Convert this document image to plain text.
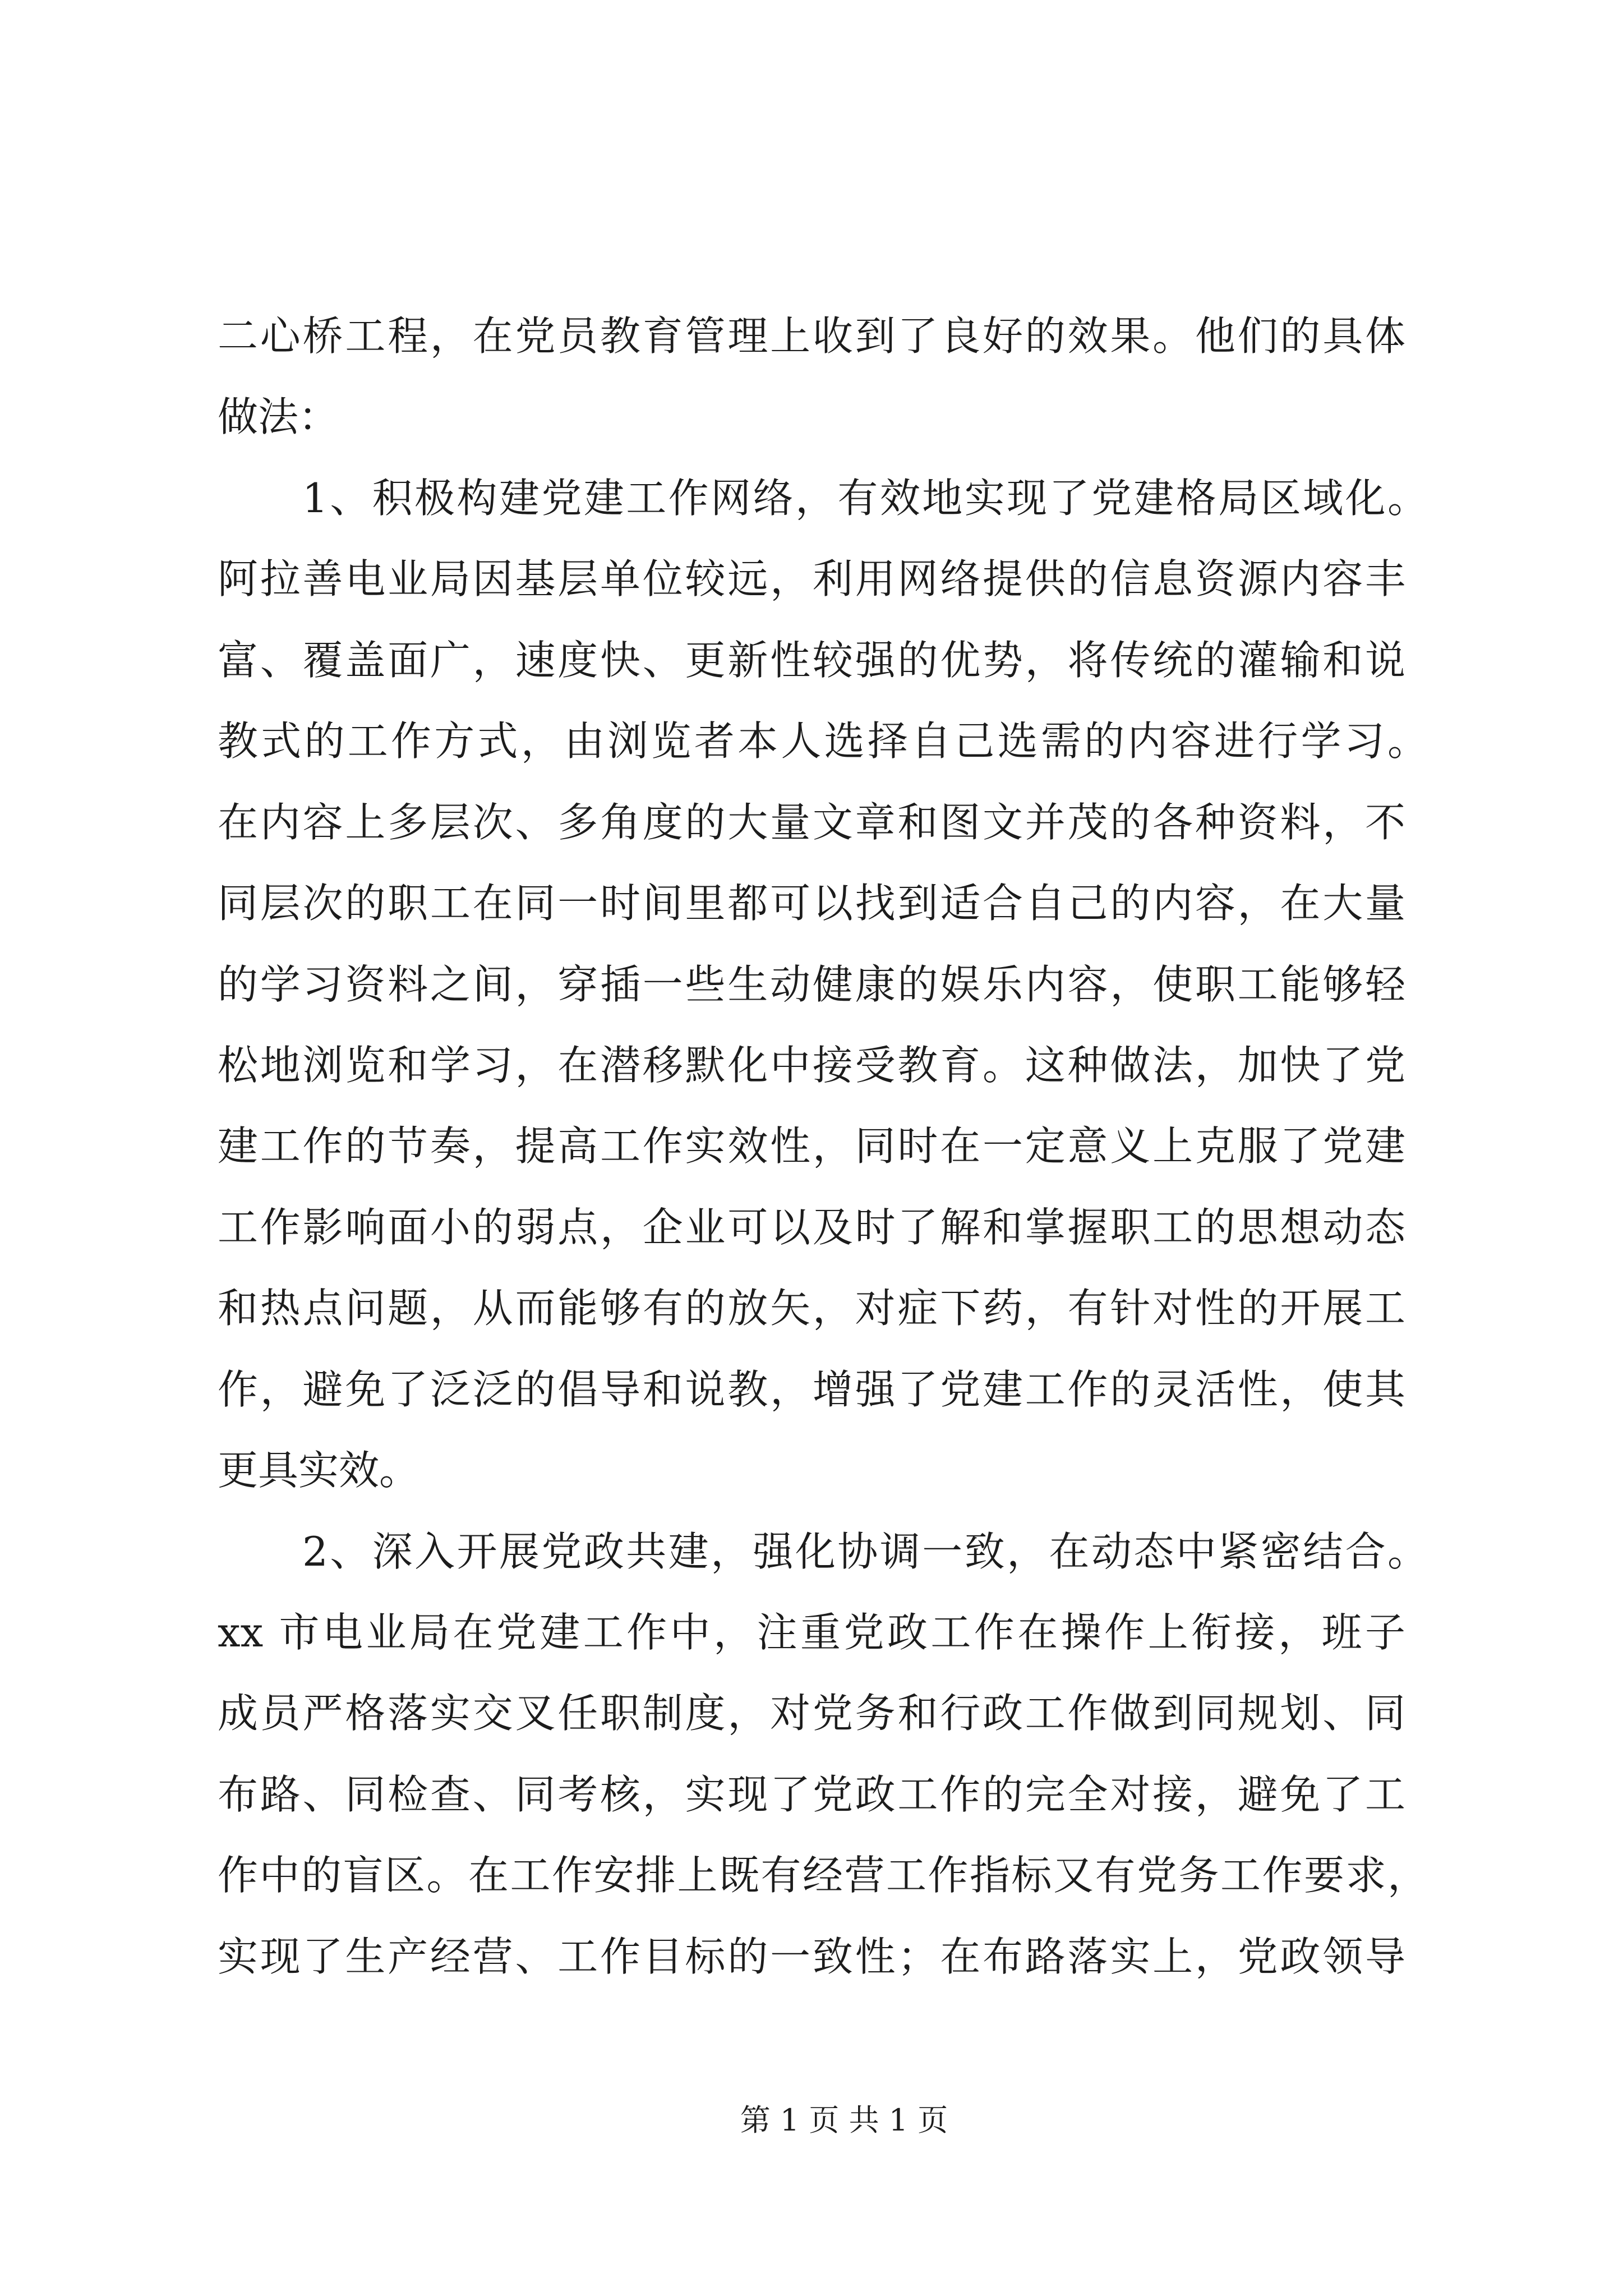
二心桥工程，在党员教育管理上收到了良好的效果。他们的具体
做法：
1、积极构建党建工作网络，有效地实现了党建格局区域化。
阿拉善电业局因基层单位较远，利用网络提供的信息资源内容丰
富、覆盖面广，速度快、更新性较强的优势，将传统的灌输和说
教式的工作方式，由浏览者本人选择自己选需的内容进行学习。
在内容上多层次、多角度的大量文章和图文并茂的各种资料，不
同层次的职工在同一时间里都可以找到适合自己的内容，在大量
的学习资料之间，穿插一些生动健康的娱乐内容，使职工能够轻
松地浏览和学习，在潜移默化中接受教育。这种做法，加快了党
建工作的节奏，提高工作实效性，同时在一定意义上克服了党建
工作影响面小的弱点，企业可以及时了解和掌握职工的思想动态
和热点问题，从而能够有的放矢，对症下药，有针对性的开展工
作，避免了泛泛的倡导和说教，增强了党建工作的灵活性，使其
更具实效。
2、深入开展党政共建，强化协调一致，在动态中紧密结合。
xx 市电业局在党建工作中，注重党政工作在操作上衔接，班子
成员严格落实交叉任职制度，对党务和行政工作做到同规划、同
布路、同检查、同考核，实现了党政工作的完全对接，避免了工
作中的盲区。在工作安排上既有经营工作指标又有党务工作要求，
实现了生产经营、工作目标的一致性；在布路落实上，党政领导
第 1 页 共 1 页
